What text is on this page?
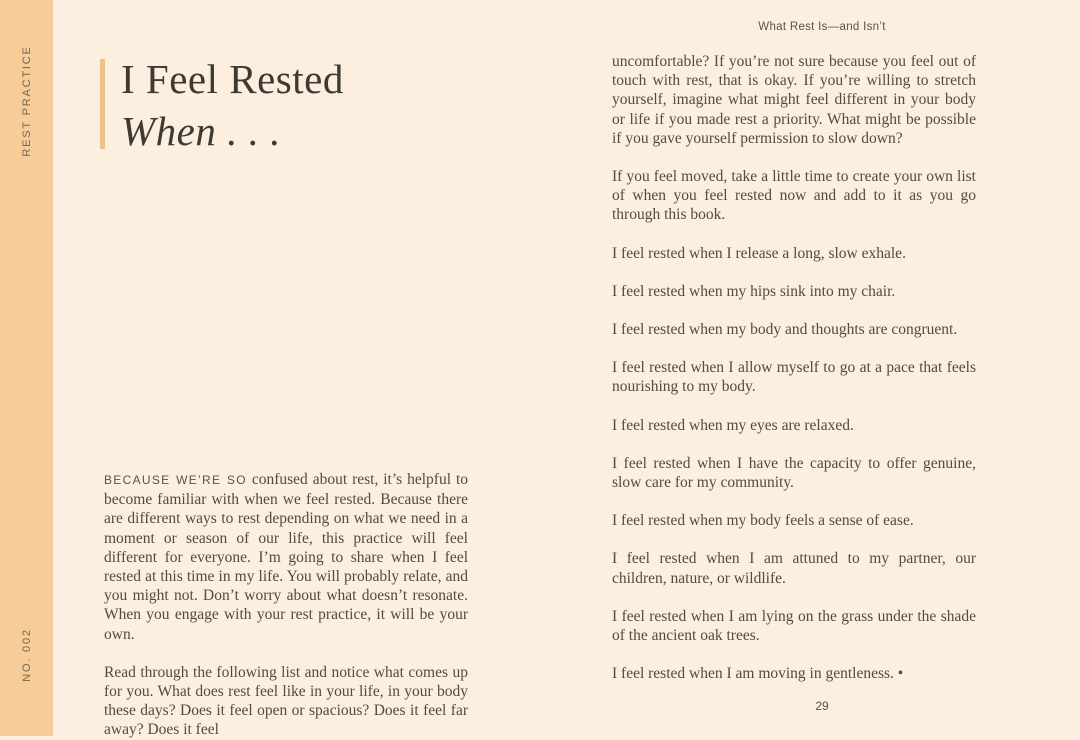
REST PRACTICE
NO. 002
What Rest Is—and Isn’t
I Feel Rested
When . . .

BECAUSE WE’RE SO confused about rest, it’s helpful to become familiar with when we feel rested. Because there are different ways to rest depending on what we need in a moment or season of our life, this practice will feel different for everyone. I’m going to share when I feel rested at this time in my life. You will probably relate, and you might not. Don’t worry about what doesn’t resonate. When you engage with your rest practice, it will be your own.

Read through the following list and notice what comes up for you. What does rest feel like in your life, in your body these days? Does it feel open or spacious? Does it feel far away? Does it feel

uncomfortable? If you’re not sure because you feel out of touch with rest, that is okay. If you’re willing to stretch yourself, imagine what might feel different in your body or life if you made rest a priority. What might be possible if you gave yourself permission to slow down?

If you feel moved, take a little time to create your own list of when you feel rested now and add to it as you go through this book.

I feel rested when I release a long, slow exhale.

I feel rested when my hips sink into my chair.

I feel rested when my body and thoughts are congruent.

I feel rested when I allow myself to go at a pace that feels nourishing to my body.

I feel rested when my eyes are relaxed.

I feel rested when I have the capacity to offer genuine, slow care for my community.

I feel rested when my body feels a sense of ease.

I feel rested when I am attuned to my partner, our children, nature, or wildlife.

I feel rested when I am lying on the grass under the shade of the ancient oak trees.

I feel rested when I am moving in gentleness. •

29
